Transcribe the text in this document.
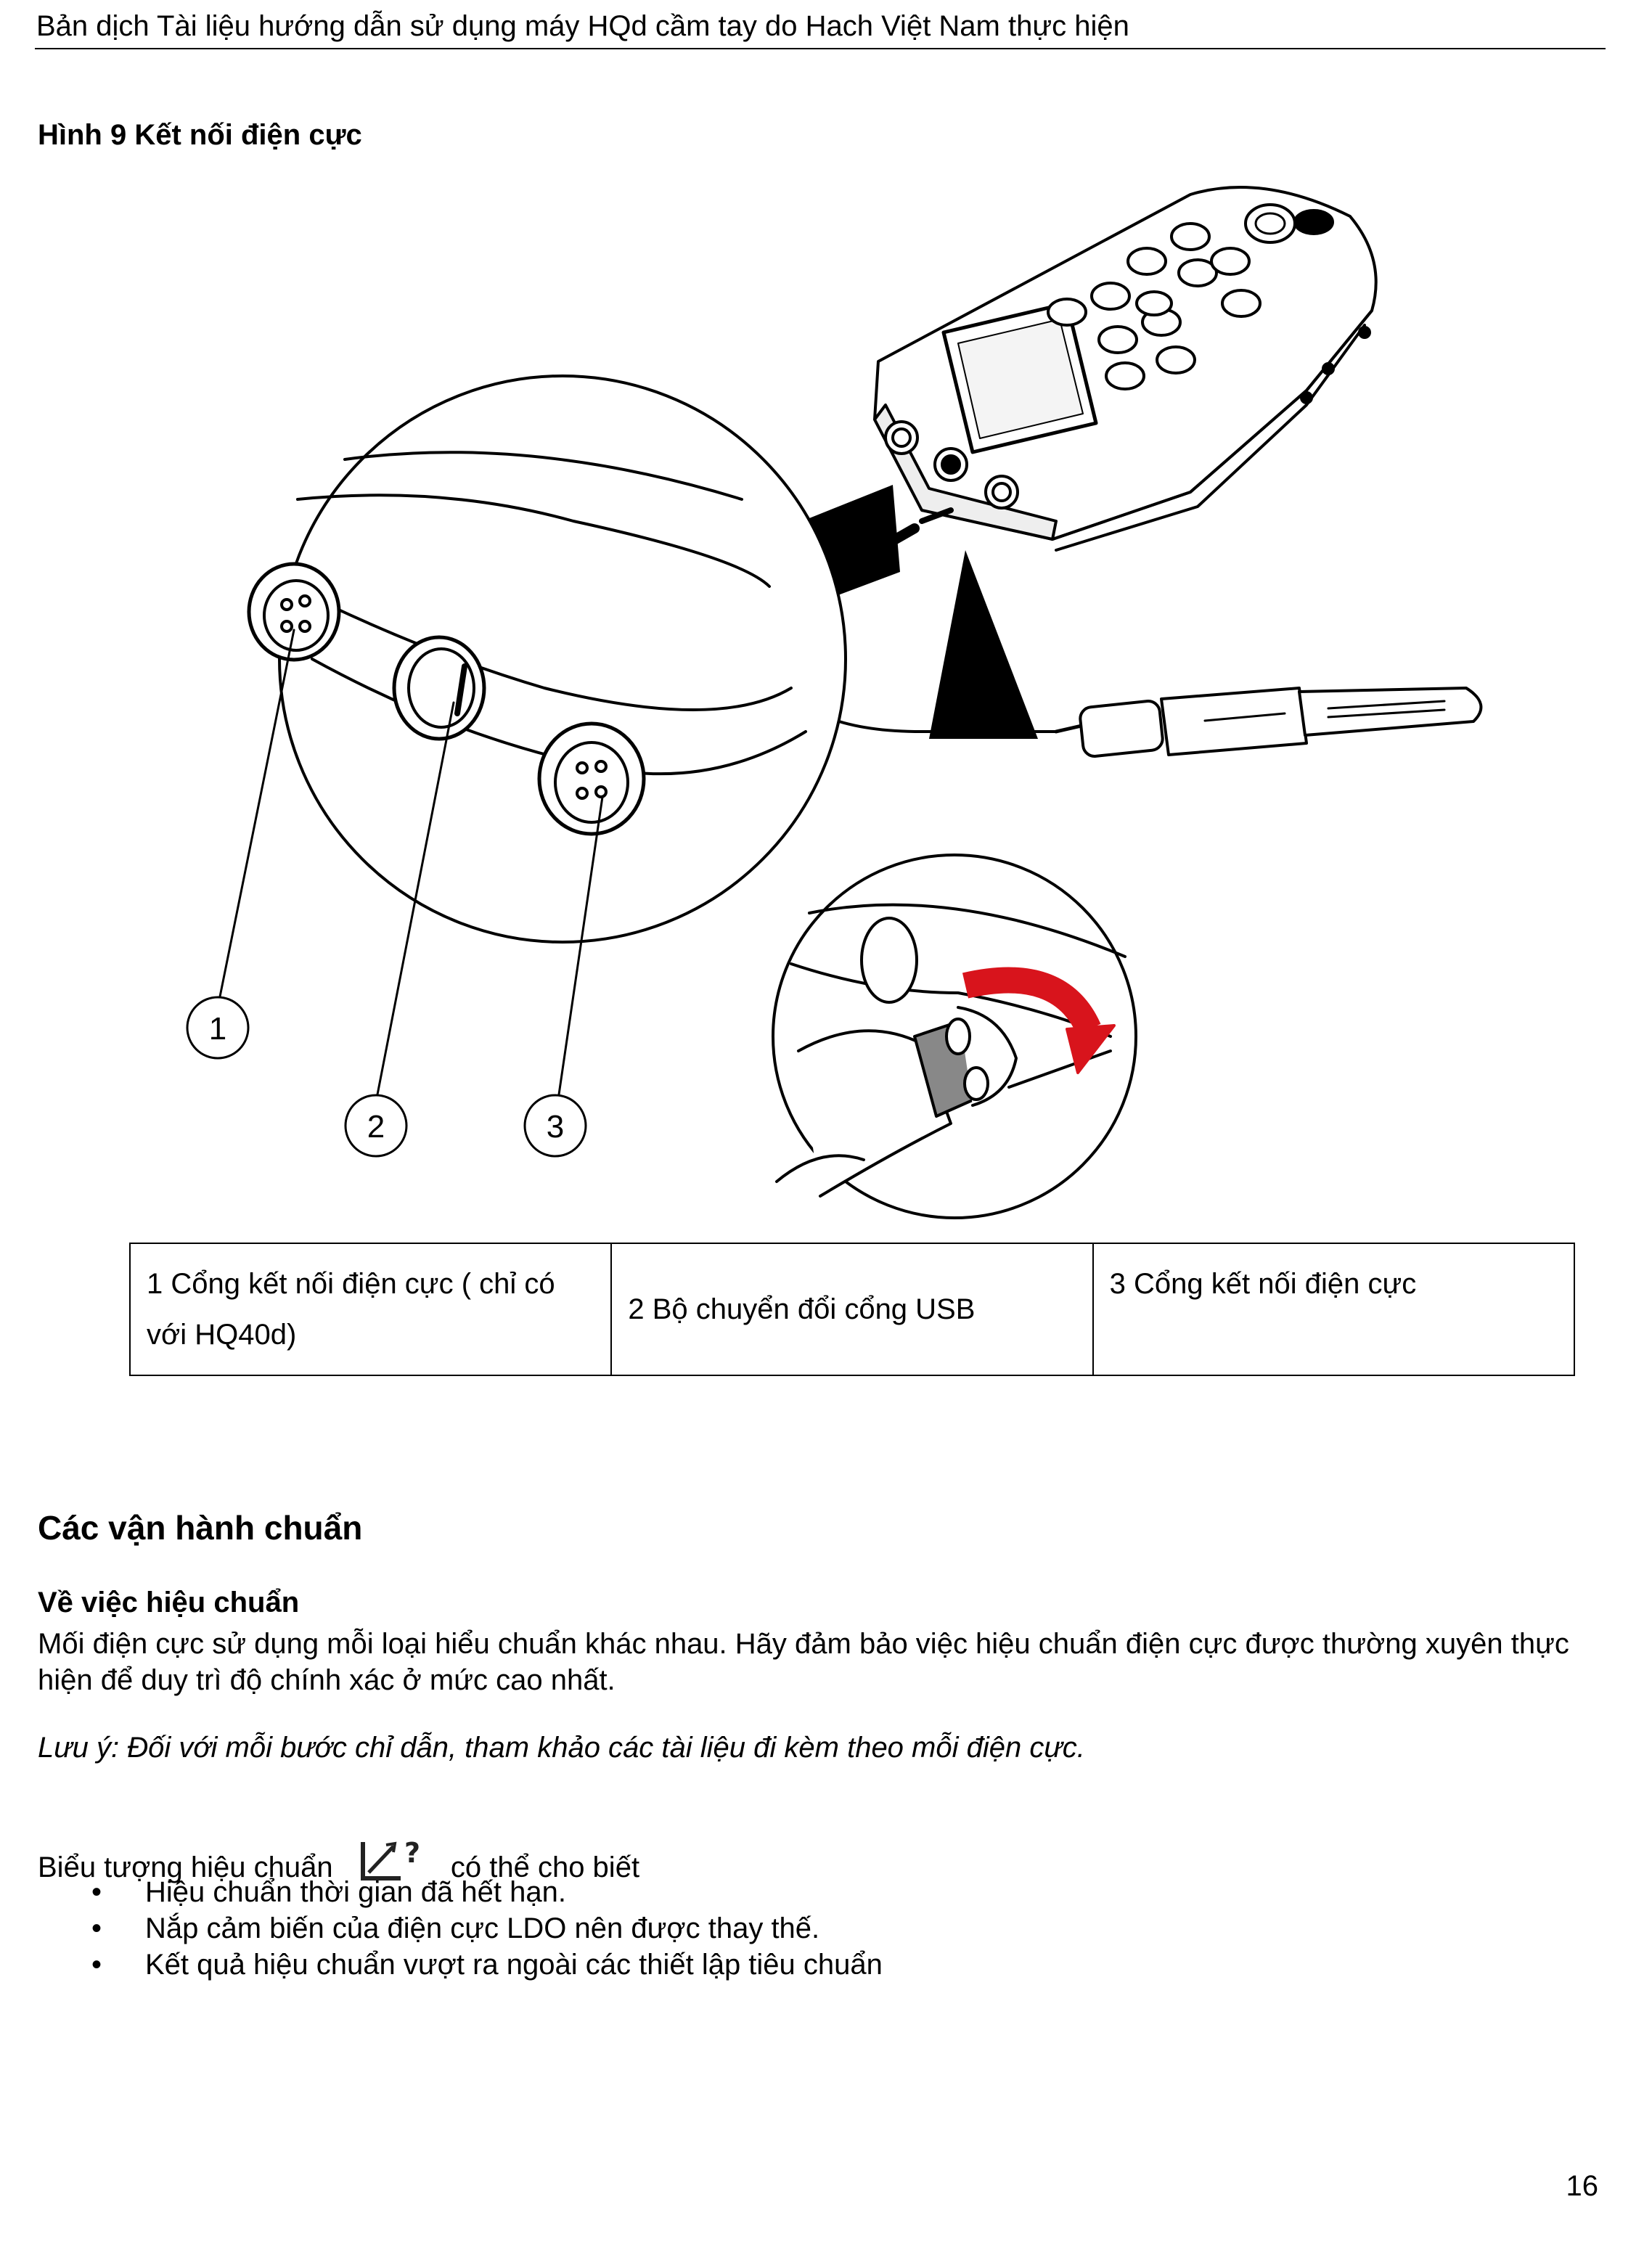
Bản dịch Tài liệu hướng dẫn sử dụng máy HQd cầm tay do Hach Việt Nam thực hiện
Hình 9 Kết nối điện cực
1
2	3
1 Cổng kết nối điện cực ( chỉ có với HQ40d)	2 Bộ chuyển đổi cổng USB	3 Cổng kết nối điện cực
Các vận hành chuẩn
Về việc hiệu chuẩn
Mối điện cực sử dụng mỗi loại hiểu chuẩn khác nhau. Hãy đảm bảo việc hiệu chuẩn điện cực được thường xuyên thực hiện để duy trì độ chính xác ở mức cao nhất.
Lưu ý: Đối với mỗi bước chỉ dẫn, tham khảo các tài liệu đi kèm theo mỗi điện cực.
Biểu tượng hiệu chuẩn	? có thể cho biết
• Hiệu chuẩn thời gian đã hết hạn.
• Nắp cảm biến của điện cực LDO nên được thay thế.
• Kết quả hiệu chuẩn vượt ra ngoài các thiết lập tiêu chuẩn
16
